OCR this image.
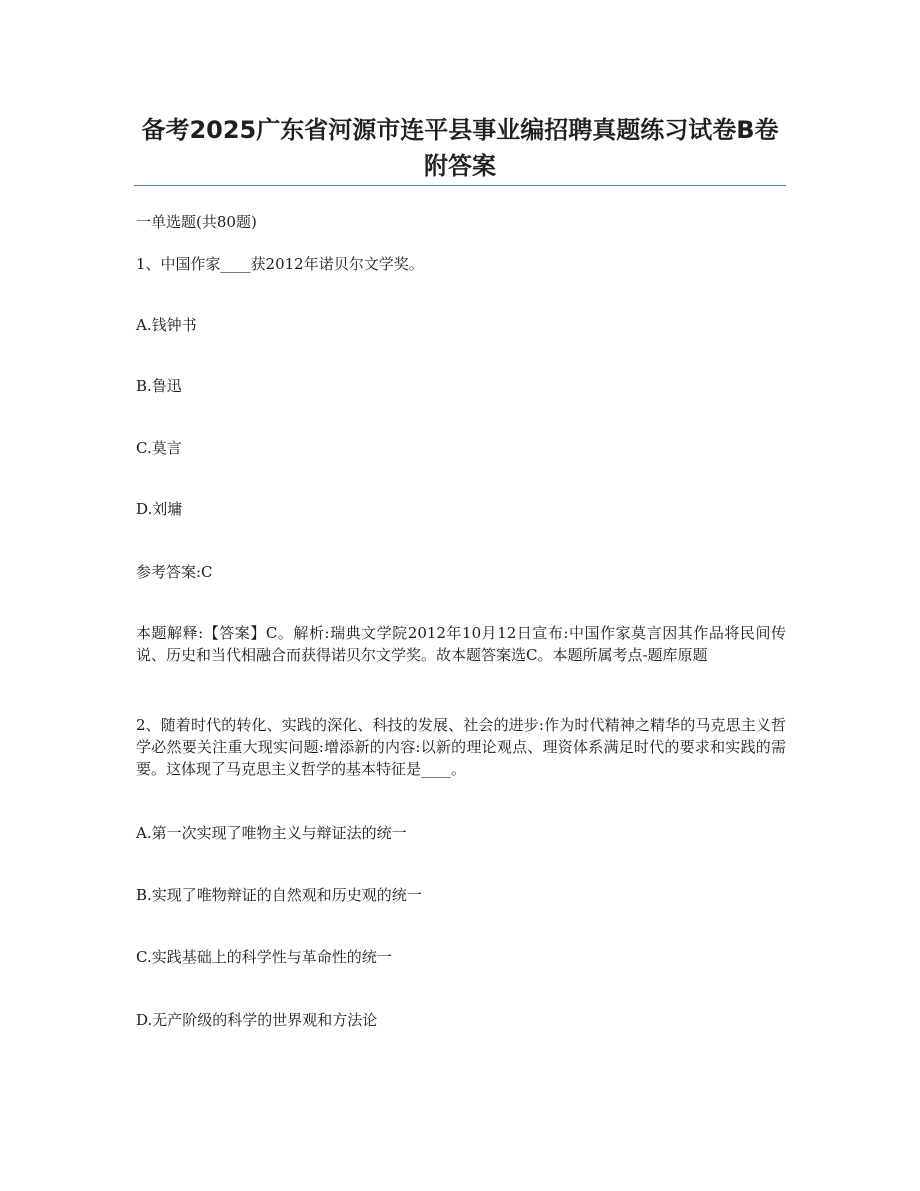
备考2025广东省河源市连平县事业编招聘真题练习试卷B卷附答案

一单选题(共80题)

1、中国作家____获2012年诺贝尔文学奖。

A.钱钟书

B.鲁迅

C.莫言

D.刘墉

参考答案:C

本题解释:【答案】C。解析:瑞典文学院2012年10月12日宣布:中国作家莫言因其作品将民间传说、历史和当代相融合而获得诺贝尔文学奖。故本题答案选C。本题所属考点-题库原题

2、随着时代的转化、实践的深化、科技的发展、社会的进步:作为时代精神之精华的马克思主义哲学必然要关注重大现实问题:增添新的内容:以新的理论观点、理资体系满足时代的要求和实践的需要。这体现了马克思主义哲学的基本特征是____。

A.第一次实现了唯物主义与辩证法的统一

B.实现了唯物辩证的自然观和历史观的统一

C.实践基础上的科学性与革命性的统一

D.无产阶级的科学的世界观和方法论
